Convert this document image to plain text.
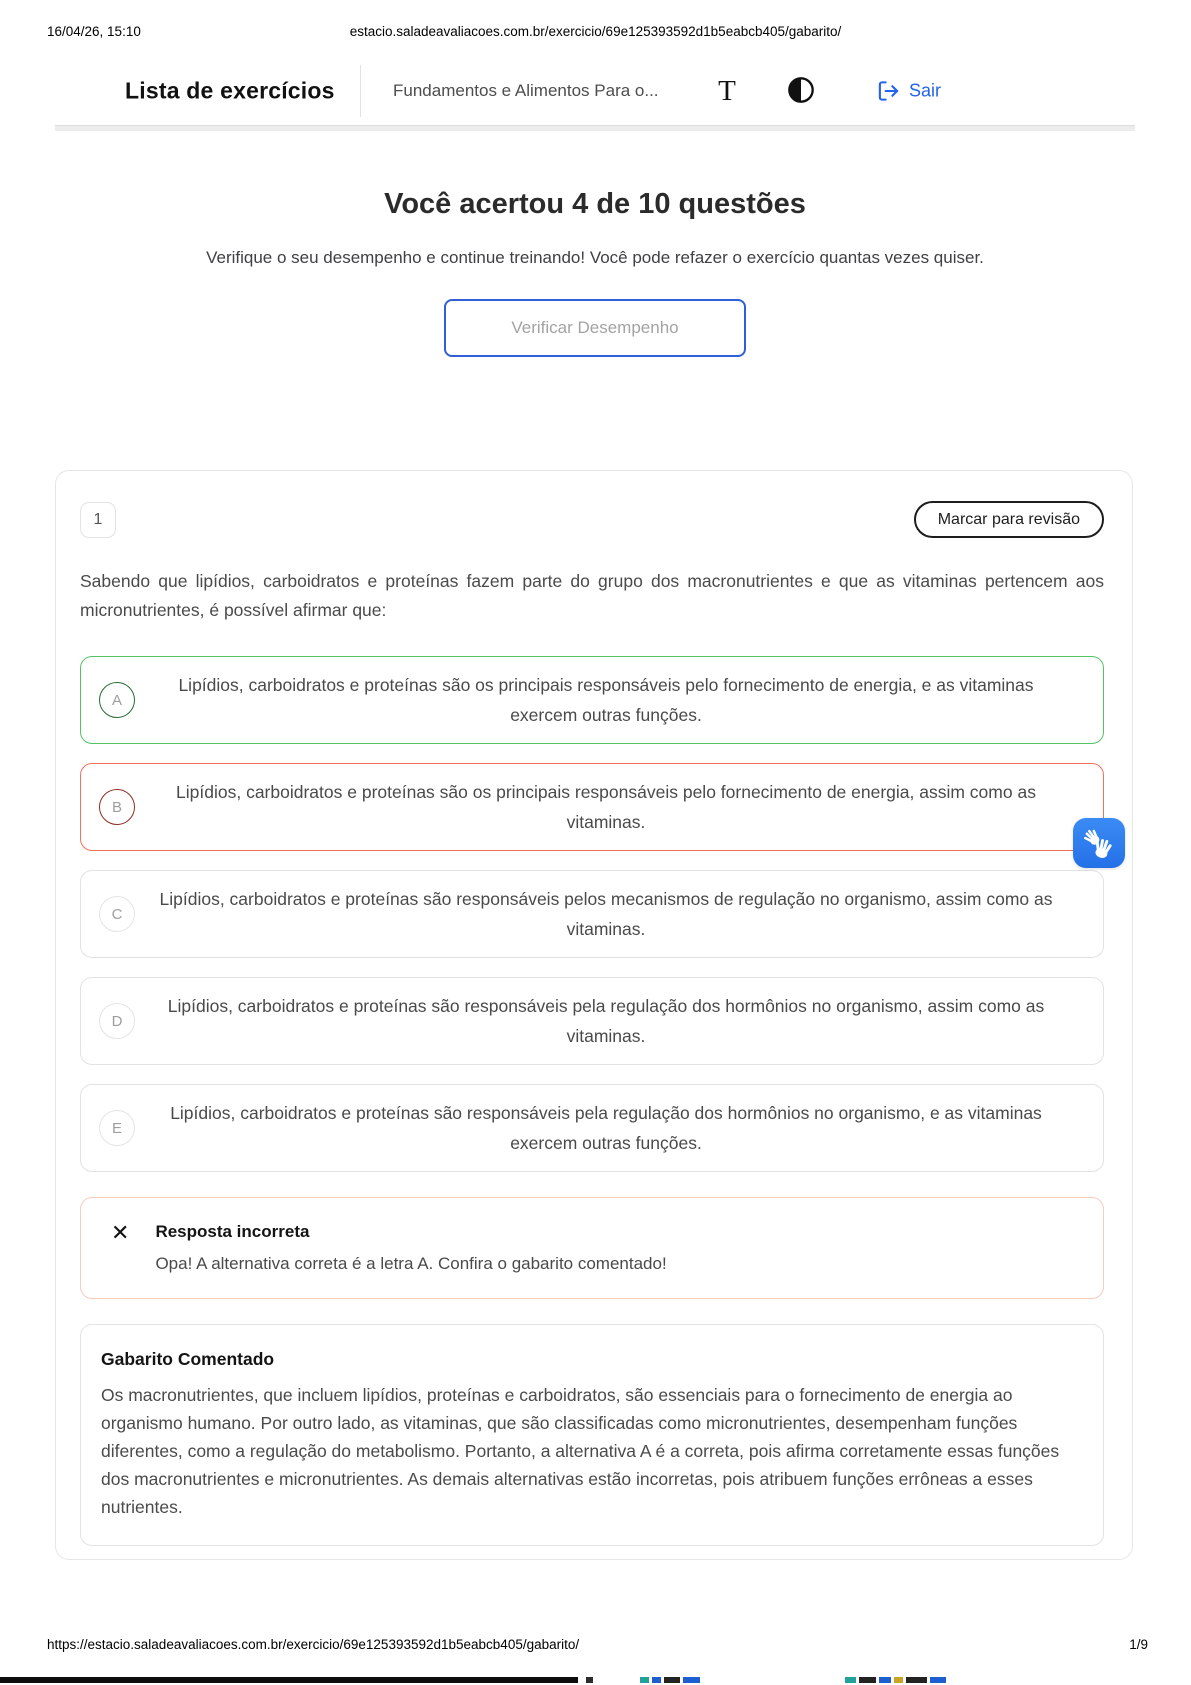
16/04/26, 15:10	estacio.saladeavaliacoes.com.br/exercicio/69e125393592d1b5eabcb405/gabarito/
Lista de exercícios	Fundamentos e Alimentos Para o... T	Sair
Você acertou 4 de 10 questões

Verifique o seu desempenho e continue treinando! Você pode refazer o exercício quantas vezes quiser.

Verificar Desempenho
1	Marcar para revisão

Sabendo que lipídios, carboidratos e proteínas fazem parte do grupo dos macronutrientes e que as vitaminas pertencem aos micronutrientes, é possível afirmar que:

A
Lipídios, carboidratos e proteínas são os principais responsáveis pelo fornecimento de energia, e as vitaminas exercem outras funções.
B
Lipídios, carboidratos e proteínas são os principais responsáveis pelo fornecimento de energia, assim como as vitaminas.
C
Lipídios, carboidratos e proteínas são responsáveis pelos mecanismos de regulação no organismo, assim como as vitaminas.
D
Lipídios, carboidratos e proteínas são responsáveis pela regulação dos hormônios no organismo, assim como as vitaminas.
E
Lipídios, carboidratos e proteínas são responsáveis pela regulação dos hormônios no organismo, e as vitaminas exercem outras funções.
✕ Resposta incorreta
Opa! A alternativa correta é a letra A. Confira o gabarito comentado!
Gabarito Comentado

Os macronutrientes, que incluem lipídios, proteínas e carboidratos, são essenciais para o fornecimento de energia ao organismo humano. Por outro lado, as vitaminas, que são classificadas como micronutrientes, desempenham funções diferentes, como a regulação do metabolismo. Portanto, a alternativa A é a correta, pois afirma corretamente essas funções dos macronutrientes e micronutrientes. As demais alternativas estão incorretas, pois atribuem funções errôneas a esses nutrientes.

https://estacio.saladeavaliacoes.com.br/exercicio/69e125393592d1b5eabcb405/gabarito/	1/9
